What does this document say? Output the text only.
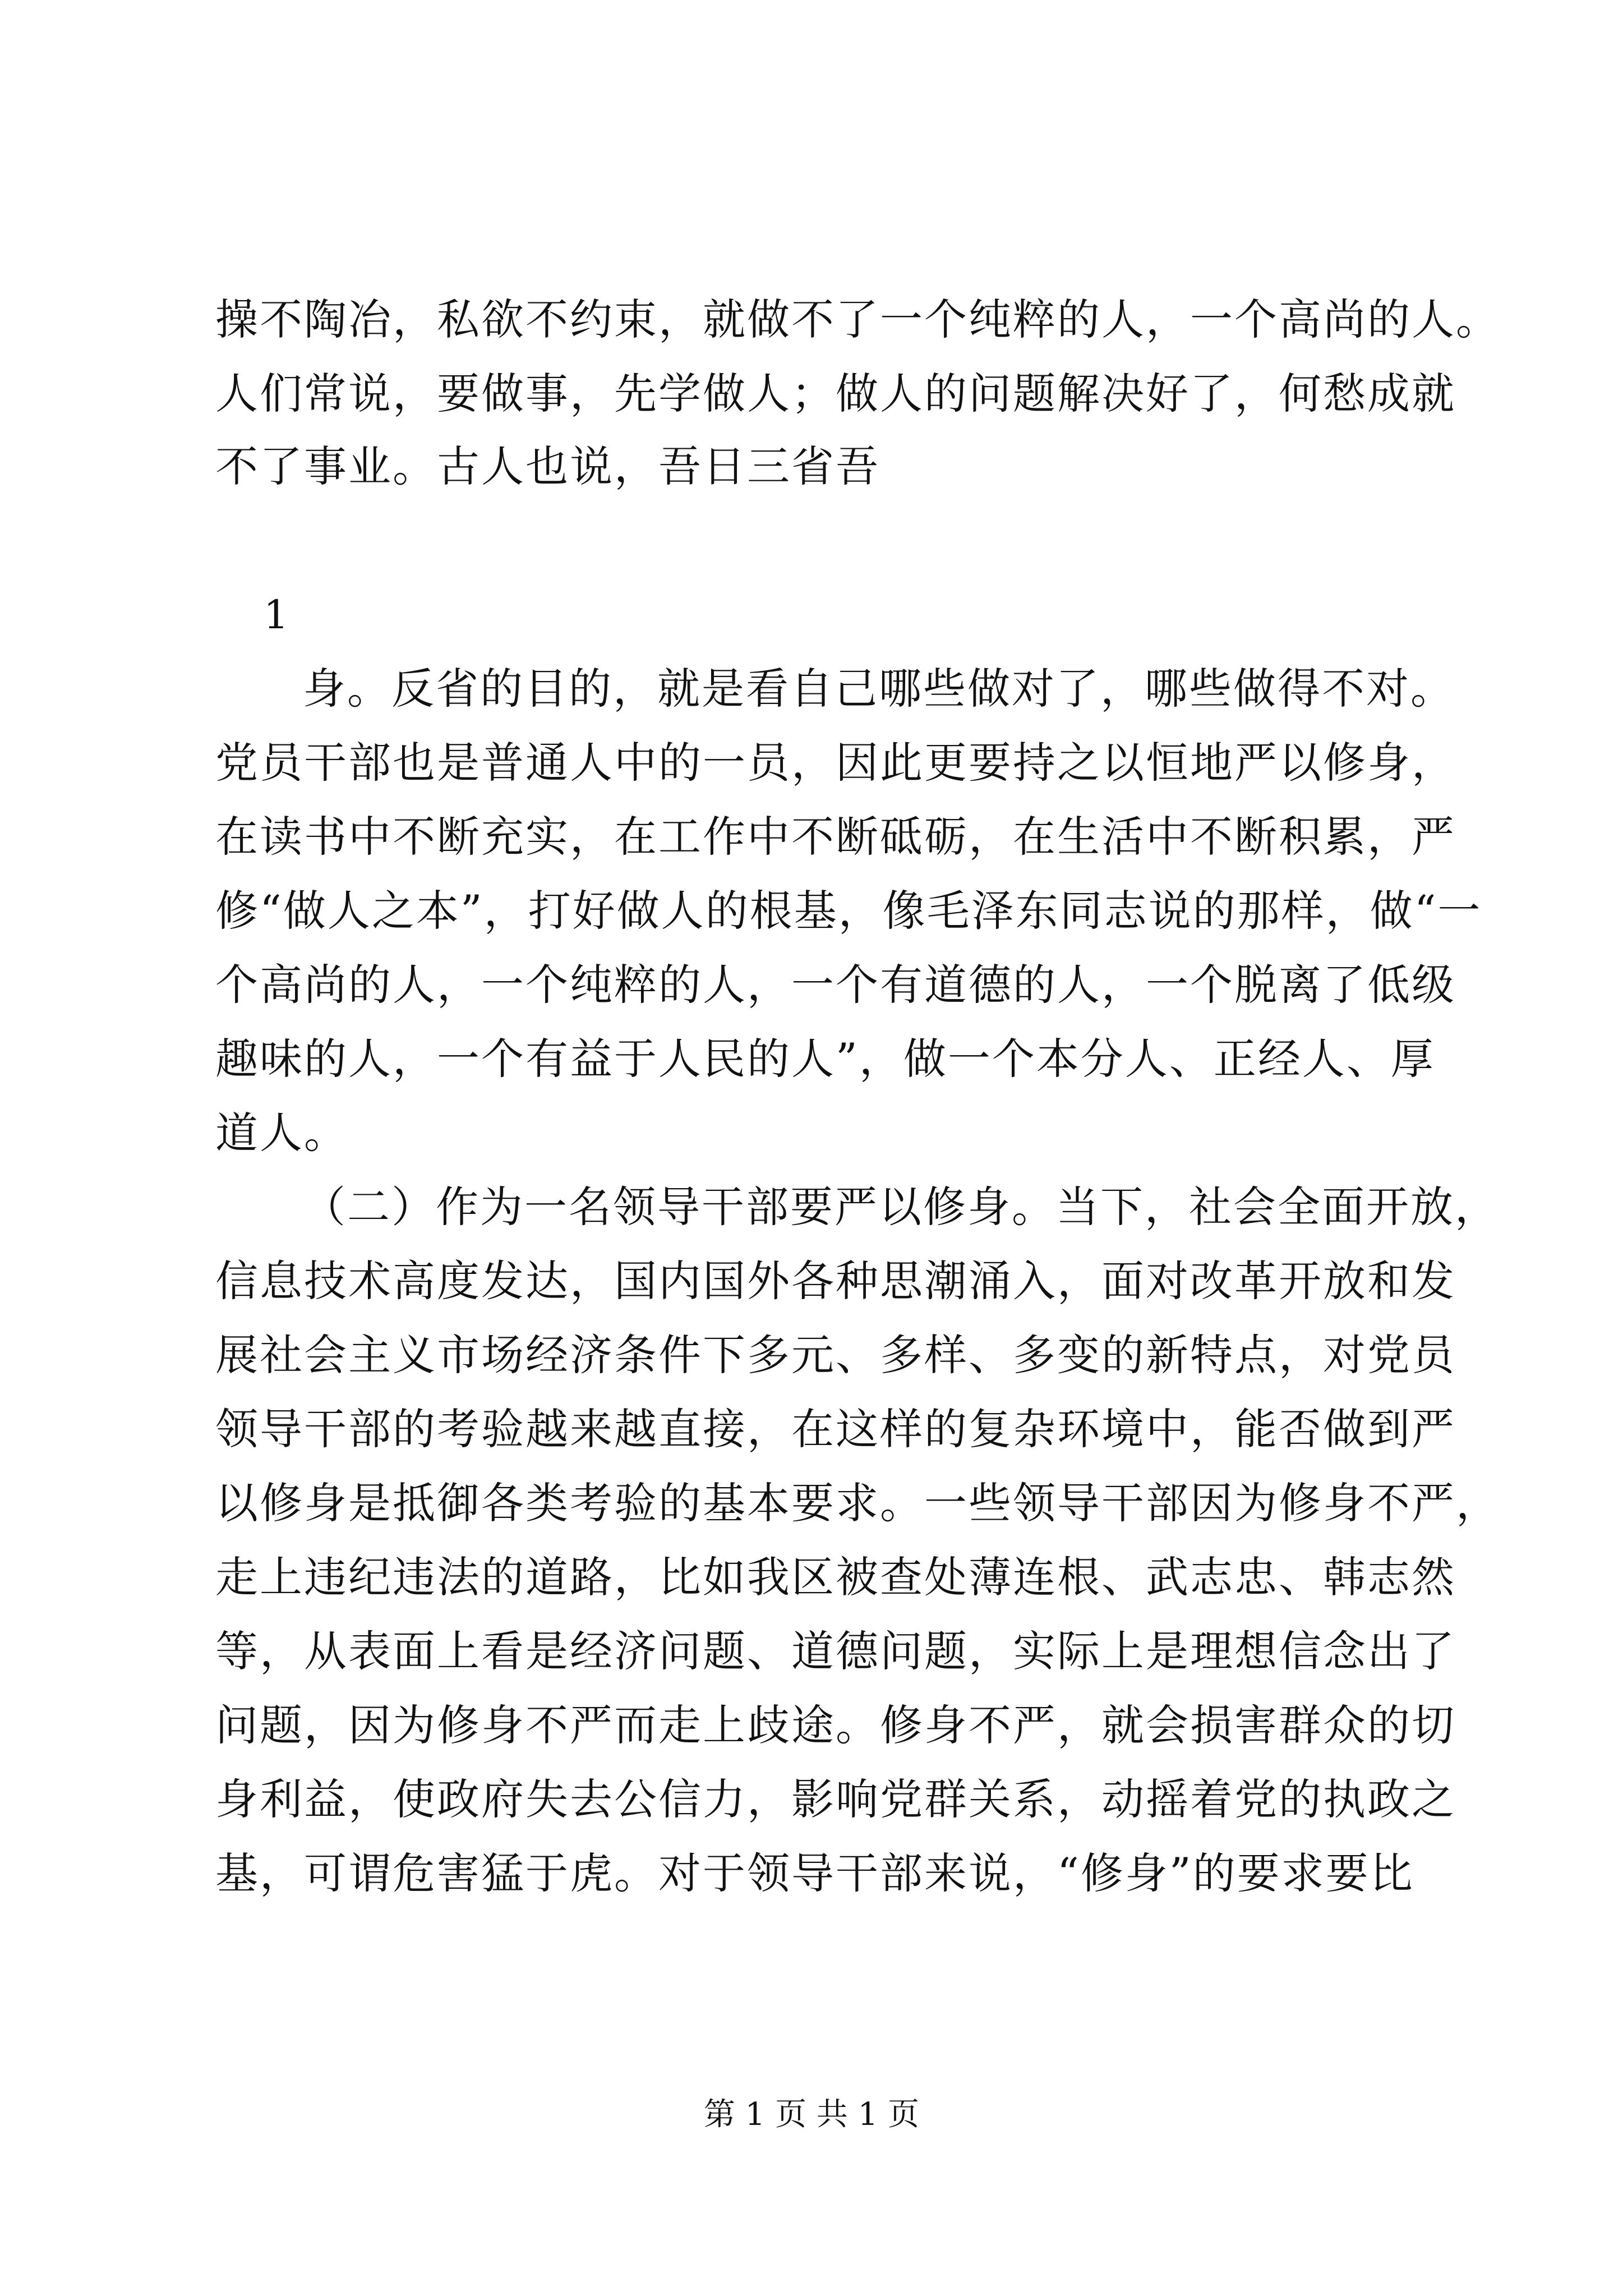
操不陶冶，私欲不约束，就做不了一个纯粹的人，一个高尚的人。
人们常说，要做事，先学做人；做人的问题解决好了，何愁成就
不了事业。古人也说，吾日三省吾
1
身。反省的目的，就是看自己哪些做对了，哪些做得不对。
党员干部也是普通人中的一员，因此更要持之以恒地严以修身，
在读书中不断充实，在工作中不断砥砺，在生活中不断积累，严
修“做人之本”，打好做人的根基，像毛泽东同志说的那样，做“一
个高尚的人，一个纯粹的人，一个有道德的人，一个脱离了低级
趣味的人，一个有益于人民的人”，做一个本分人、正经人、厚
道人。
（二）作为一名领导干部要严以修身。当下，社会全面开放，
信息技术高度发达，国内国外各种思潮涌入，面对改革开放和发
展社会主义市场经济条件下多元、多样、多变的新特点，对党员
领导干部的考验越来越直接，在这样的复杂环境中，能否做到严
以修身是抵御各类考验的基本要求。一些领导干部因为修身不严，
走上违纪违法的道路，比如我区被查处薄连根、武志忠、韩志然
等，从表面上看是经济问题、道德问题，实际上是理想信念出了
问题，因为修身不严而走上歧途。修身不严，就会损害群众的切
身利益，使政府失去公信力，影响党群关系，动摇着党的执政之
基，可谓危害猛于虎。对于领导干部来说，“修身”的要求要比
第 1 页 共 1 页
